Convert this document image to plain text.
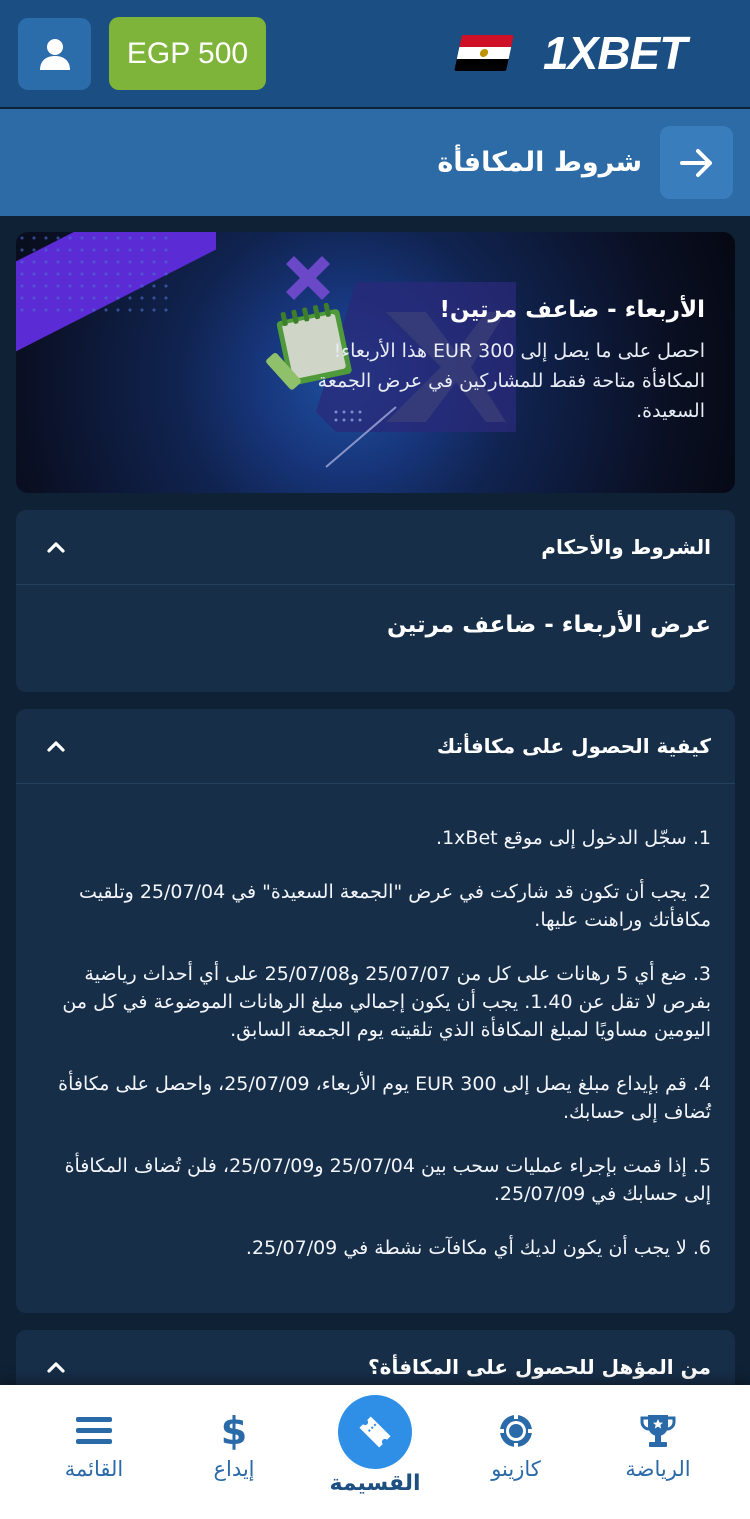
EGP 500	1X BET
شروط المكافأة
الأربعاء - ضاعف مرتين!
احصل على ما يصل إلى EUR 300 هذا الأربعاء! المكافأة متاحة فقط للمشاركين في عرض الجمعة السعيدة.
الشروط والأحكام
عرض الأربعاء - ضاعف مرتين
كيفية الحصول على مكافأتك
1. سجّل الدخول إلى موقع 1xBet.
2. يجب أن تكون قد شاركت في عرض "الجمعة السعيدة" في 25/07/04 وتلقيت مكافأتك وراهنت عليها.
3. ضع أي 5 رهانات على كل من 25/07/07 و25/07/08 على أي أحداث رياضية بفرص لا تقل عن 1.40. يجب أن يكون إجمالي مبلغ الرهانات الموضوعة في كل من اليومين مساويًا لمبلغ المكافأة الذي تلقيته يوم الجمعة السابق.
4. قم بإيداع مبلغ يصل إلى EUR 300 يوم الأربعاء، 25/07/09، واحصل على مكافأة تُضاف إلى حسابك.
5. إذا قمت بإجراء عمليات سحب بين 25/07/04 و25/07/09، فلن تُضاف المكافأة إلى حسابك في 25/07/09.
6. لا يجب أن يكون لديك أي مكافآت نشطة في 25/07/09.
من المؤهل للحصول على المكافأة؟
القائمة
$
إيداع
القسيمة
كازينو	الرياضة
